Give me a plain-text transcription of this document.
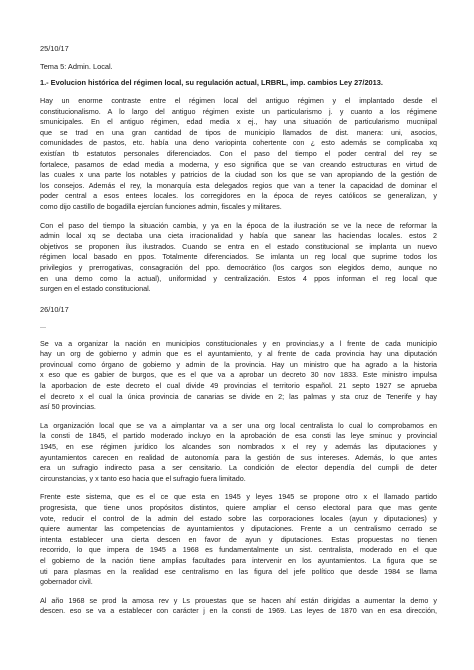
25/10/17

Tema 5: Admin. Local.

1.- Evolucion histórica del régimen local, su regulación actual, LRBRL, imp. cambios Ley 27/2013.

Hay un enorme contraste entre el régimen local del antiguo régimen y el implantado desde el
constitucionalismo. A lo largo del antiguo régimen existe un particularismo j. y cuanto a los régimene
smunicipales. En el antiguo régimen, edad media x ej., hay una situación de particularismo mucniipal
que se trad en una gran cantidad de tipos de municipio llamados de dist. manera: uni, asocios,
comunidades de pastos, etc. había una deno variopinta cohertente con ¿ esto además se complicaba xq
existían tb estatutos personales diferenciados. Con el paso del tiempo el poder central del rey se
fortalece, pasamos de edad media a moderna, y eso significa que se van creando estructuras en virtud de
las cuales x una parte los notables y patricios de la ciudad son los que se van apropiando de la gestión de
los consejos. Además el rey, la monarquía esta delegados regios que van a tener la capacidad de dominar el
poder central a esos entees locales. los corregidores en la época de reyes católicos se generalizan, y
como dijo castillo de bogadilla ejercían funciones admin, fiscales y militares.
Con el paso del tiempo la situación cambia, y ya en la época de la ilustración se ve la nece de reformar la
admin local xq se dectaba una cieta irracionalidad y había que sanear las haciendas locales. estos 2
objetivos se proponen ilus ilustrados. Cuando se entra en el estado constitucional se implanta un nuevo
régimen local basado en ppos. Totalmente diferenciados. Se imlanta un reg local que suprime todos los
privilegios y prerrogativas, consagración del ppo. democrático (los cargos son elegidos demo, aunque no
en una demo como la actual), uniformidad y centralización. Estos 4 ppos informan el reg local que
surgen en el estado constitucional.

26/10/17

...

Se va a organizar la nación en municipios constitucionales y en provincias,y a l frente de cada municipio
hay un org de gobierno y admin que es el ayuntamiento, y al frente de cada provincia hay una diputación
provincual como órgano de gobierno y admin de la provincia. Hay un ministro que ha agrado a la historia
x eso que es gabier de burgos, que es el que va a aprobar un decreto 30 nov 1833. Este ministro impulsa
la aporbacion de este decreto el cual divide 49 provincias el territorio español. 21 septo 1927 se aprueba
el decreto x el cual la única provincia de canarias se divide en 2; las palmas y sta cruz de Tenerife y hay
así 50 provincias.
La organización local que se va a aimplantar va a ser una org local centralista lo cual lo comprobamos en
la consti de 1845, el partido moderado incluyo en la aprobación de esa consti las leye sminuc y provincial
1945, en ese régimen jurídico los alcandes son nombrados x el rey y además las diputaciones y
ayuntamientos carecen en realidad de autonomía para la gestión de sus intereses. Además, lo que antes
era un sufragio indirecto pasa a ser censitario. La condición de elector dependía del cumpli de deter
circunstancias, y x tanto eso hacia que el sufragio fuera limitado.
Frente este sistema, que es el ce que esta en 1945 y leyes 1945 se propone otro x el llamado partido
progresista, que tiene unos propósitos distintos, quiere ampliar el censo electoral para que mas gente
vote, reducir el control de la admin del estado sobre las corporaciones locales (ayun y diputaciones) y
quiere aumentar las competencias de ayuntamientos y diputaciones. Frente a un centralismo cerrado se
intenta establecer una cierta descen en favor de ayun y diputaciones. Estas propuestas no tienen
recorrido, lo que impera de 1945 a 1968 es fundamentalmente un sist. centralista, moderado en el que
el gobierno de la nación tiene amplias facultades para intervenir en los ayuntamientos. La figura que se
uti para plasmas en la realidad ese centralismo en las figura del jefe político que desde 1984 se llama
gobernador civil.
Al año 1968 se prod la amosa rev y Ls prouestas que se hacen ahí están dirigidas a aumentar la demo y
descen. eso se va a establecer con carácter j en la consti de 1969. Las leyes de 1870 van en esa dirección,
